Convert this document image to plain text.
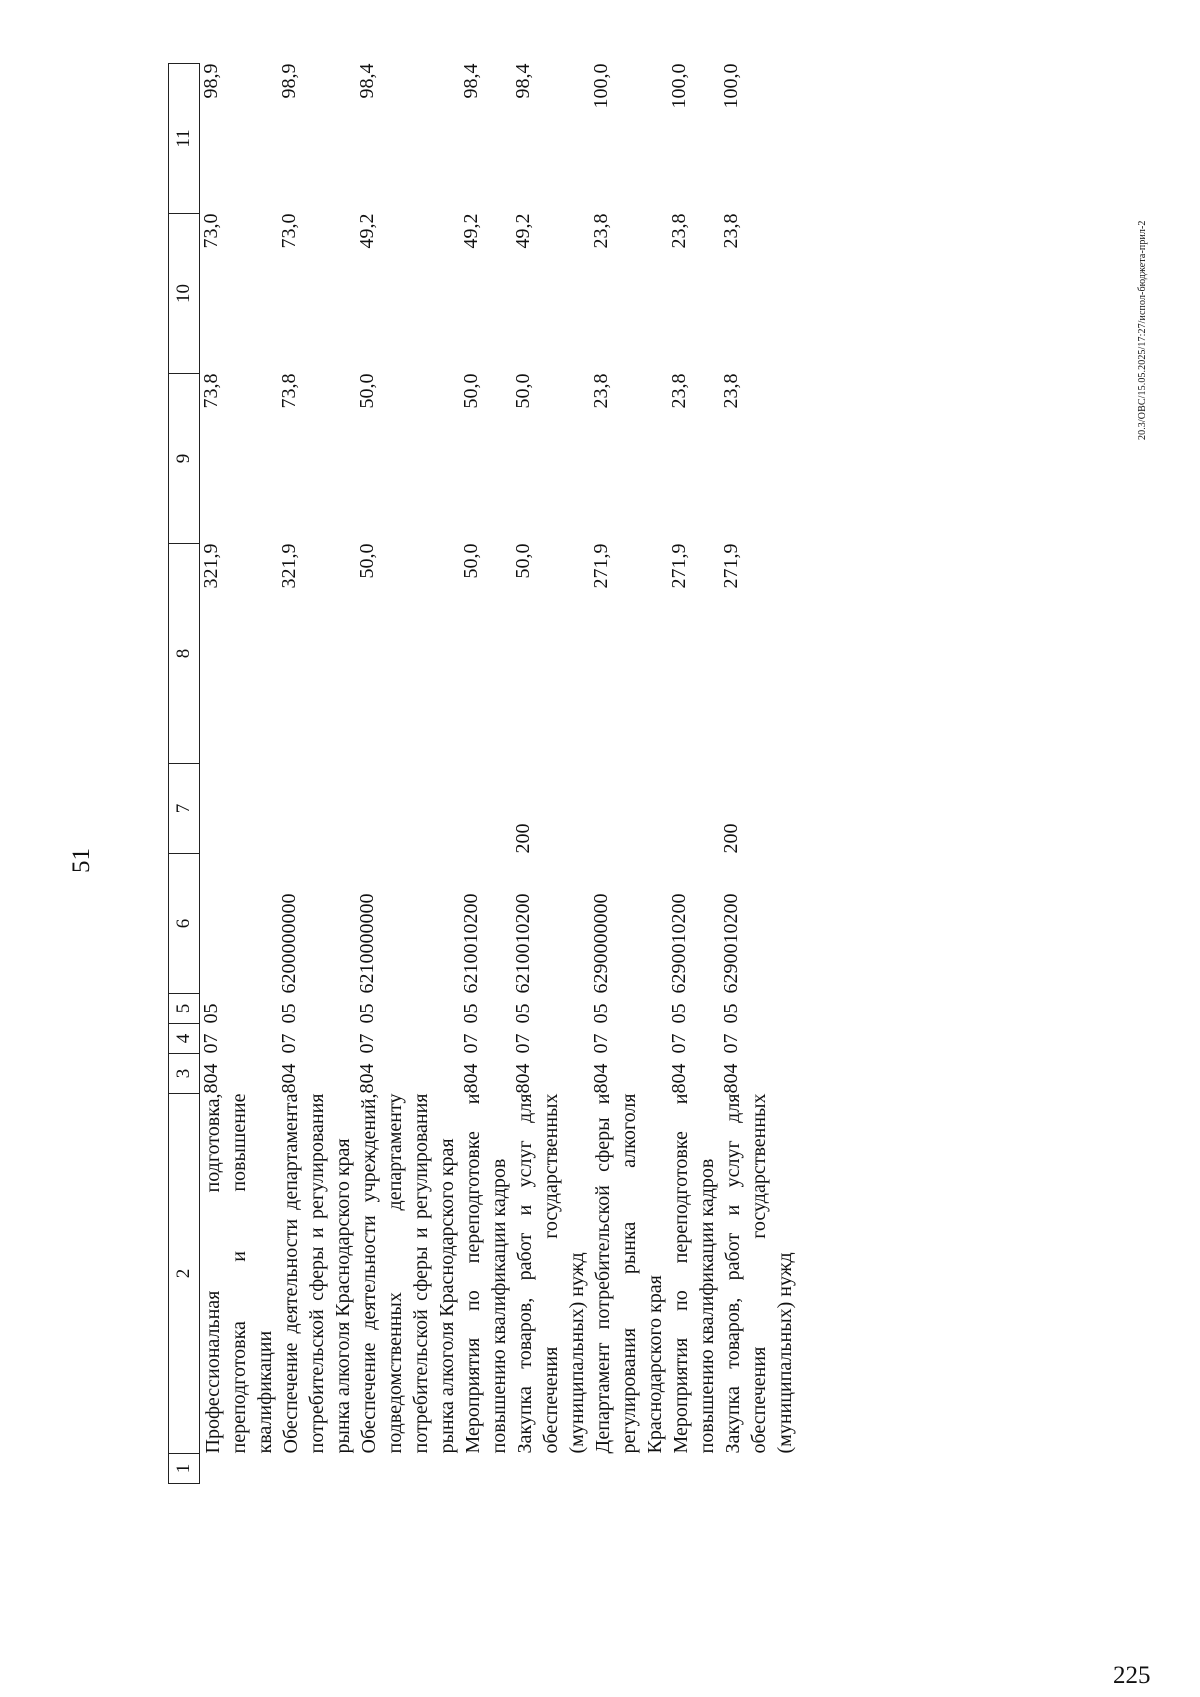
225
51
20.3/OBC/15.05.2025/17:27/испол-бюджета-прил-2
1	2	3	4	5	6	7	8	9	10	11
	Профессиональная подготовка, переподготовка и повышение квалификации	804	07	05			321,9	73,8	73,0	98,9
	Обеспечение деятельности департамента потребительской сферы и регулирования рынка алкоголя Краснодарского края	804	07	05	6200000000		321,9	73,8	73,0	98,9
	Обеспечение деятельности учреждений, подведомственных департаменту потребительской сферы и регулирования рынка алкоголя Краснодарского края	804	07	05	6210000000		50,0	50,0	49,2	98,4
	Мероприятия по переподготовке и повышению квалификации кадров	804	07	05	6210010200		50,0	50,0	49,2	98,4
	Закупка товаров, работ и услуг для обеспечения государственных (муниципальных) нужд	804	07	05	6210010200	200	50,0	50,0	49,2	98,4
	Департамент потребительской сферы и регулирования рынка алкоголя Краснодарского края	804	07	05	6290000000		271,9	23,8	23,8	100,0
	Мероприятия по переподготовке и повышению квалификации кадров	804	07	05	6290010200		271,9	23,8	23,8	100,0
	Закупка товаров, работ и услуг для обеспечения государственных (муниципальных) нужд	804	07	05	6290010200	200	271,9	23,8	23,8	100,0
